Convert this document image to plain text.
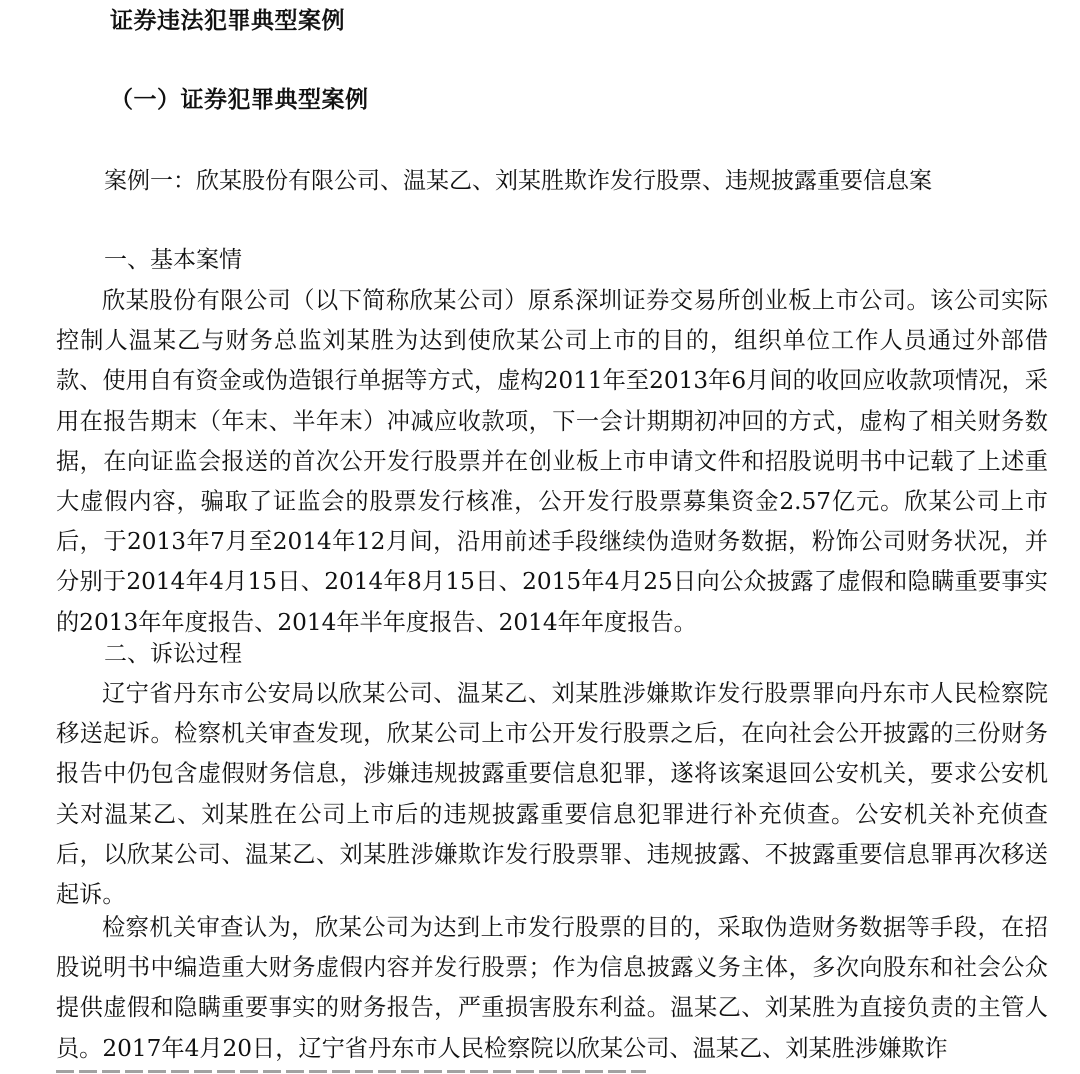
证券违法犯罪典型案例
（一）证券犯罪典型案例
案例一：欣某股份有限公司、温某乙、刘某胜欺诈发行股票、违规披露重要信息案
一、基本案情

欣某股份有限公司（以下简称欣某公司）原系深圳证券交易所创业板上市公司。该公司实际控制人温某乙与财务总监刘某胜为达到使欣某公司上市的目的，组织单位工作人员通过外部借款、使用自有资金或伪造银行单据等方式，虚构2011年至2013年6月间的收回应收款项情况，采用在报告期末（年末、半年末）冲减应收款项，下一会计期期初冲回的方式，虚构了相关财务数据，在向证监会报送的首次公开发行股票并在创业板上市申请文件和招股说明书中记载了上述重大虚假内容，骗取了证监会的股票发行核准，公开发行股票募集资金2.57亿元。欣某公司上市后，于2013年7月至2014年12月间，沿用前述手段继续伪造财务数据，粉饰公司财务状况，并分别于2014年4月15日、2014年8月15日、2015年4月25日向公众披露了虚假和隐瞒重要事实的2013年年度报告、2014年半年度报告、2014年年度报告。

二、诉讼过程

辽宁省丹东市公安局以欣某公司、温某乙、刘某胜涉嫌欺诈发行股票罪向丹东市人民检察院移送起诉。检察机关审查发现，欣某公司上市公开发行股票之后，在向社会公开披露的三份财务报告中仍包含虚假财务信息，涉嫌违规披露重要信息犯罪，遂将该案退回公安机关，要求公安机关对温某乙、刘某胜在公司上市后的违规披露重要信息犯罪进行补充侦查。公安机关补充侦查后，以欣某公司、温某乙、刘某胜涉嫌欺诈发行股票罪、违规披露、不披露重要信息罪再次移送起诉。

检察机关审查认为，欣某公司为达到上市发行股票的目的，采取伪造财务数据等手段，在招股说明书中编造重大财务虚假内容并发行股票；作为信息披露义务主体，多次向股东和社会公众提供虚假和隐瞒重要事实的财务报告，严重损害股东利益。温某乙、刘某胜为直接负责的主管人员。2017年4月20日，辽宁省丹东市人民检察院以欣某公司、温某乙、刘某胜涉嫌欺诈
